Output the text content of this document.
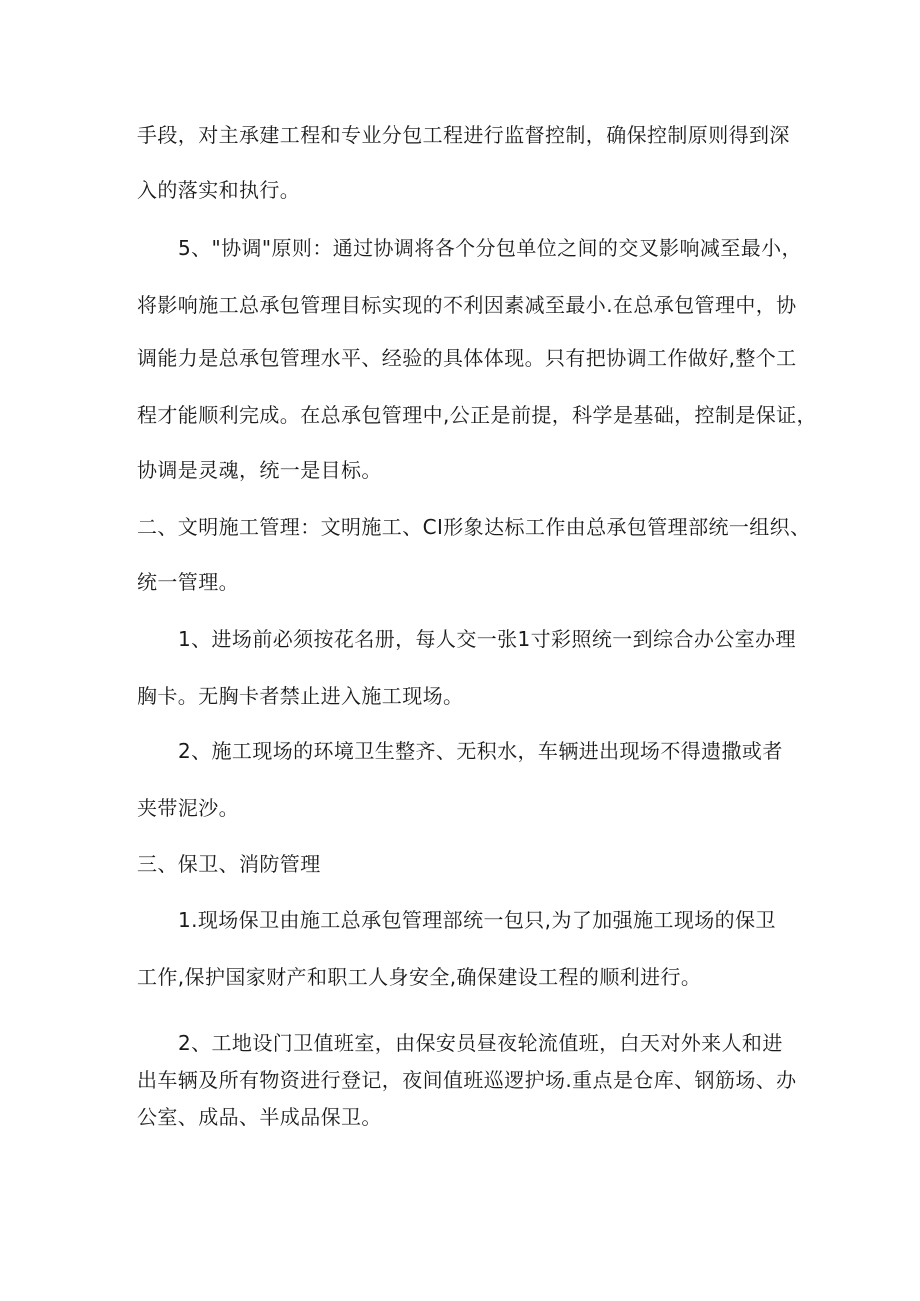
手段，对主承建工程和专业分包工程进行监督控制，确保控制原则得到深
入的落实和执行。
5、"协调"原则：通过协调将各个分包单位之间的交叉影响减至最小，
将影响施工总承包管理目标实现的不利因素减至最小.在总承包管理中，协
调能力是总承包管理水平、经验的具体体现。只有把协调工作做好,整个工
程才能顺利完成。在总承包管理中,公正是前提，科学是基础，控制是保证，
协调是灵魂，统一是目标。
二、文明施工管理：文明施工、CI形象达标工作由总承包管理部统一组织、
统一管理。
1、进场前必须按花名册，每人交一张1寸彩照统一到综合办公室办理
胸卡。无胸卡者禁止进入施工现场。
2、施工现场的环境卫生整齐、无积水，车辆进出现场不得遗撒或者
夹带泥沙。
三、保卫、消防管理
1.现场保卫由施工总承包管理部统一包只,为了加强施工现场的保卫
工作,保护国家财产和职工人身安全,确保建设工程的顺利进行。
2、工地设门卫值班室，由保安员昼夜轮流值班，白天对外来人和进
出车辆及所有物资进行登记，夜间值班巡逻护场.重点是仓库、钢筋场、办
公室、成品、半成品保卫。
